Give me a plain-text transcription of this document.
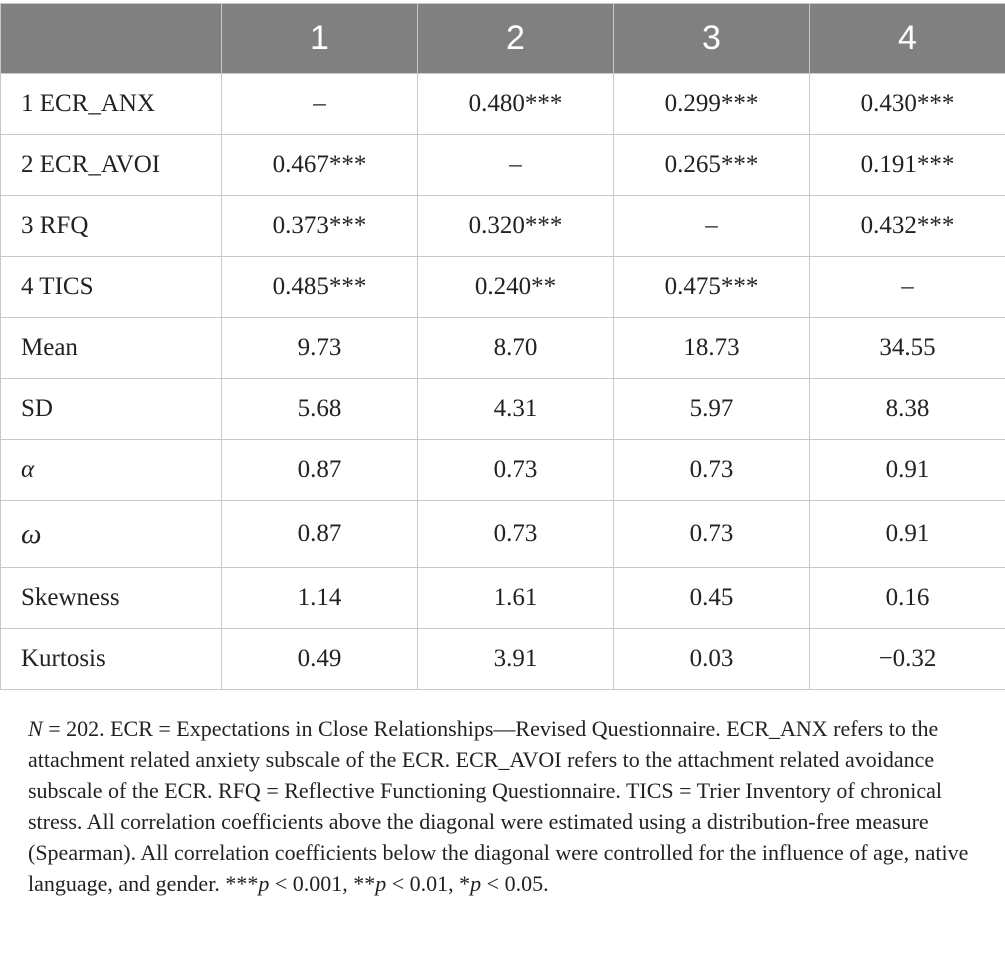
	1	2	3	4
1 ECR_ANX	–	0.480***	0.299***	0.430***
2 ECR_AVOI	0.467***	–	0.265***	0.191***
3 RFQ	0.373***	0.320***	–	0.432***
4 TICS	0.485***	0.240**	0.475***	–
Mean	9.73	8.70	18.73	34.55
SD	5.68	4.31	5.97	8.38
α	0.87	0.73	0.73	0.91
ω	0.87	0.73	0.73	0.91
Skewness	1.14	1.61	0.45	0.16
Kurtosis	0.49	3.91	0.03	−0.32

N = 202. ECR = Expectations in Close Relationships—Revised Questionnaire. ECR_ANX refers to the attachment related anxiety subscale of the ECR. ECR_AVOI refers to the attachment related avoidance subscale of the ECR. RFQ = Reflective Functioning Questionnaire. TICS = Trier Inventory of chronical stress. All correlation coefficients above the diagonal were estimated using a distribution-free measure (Spearman). All correlation coefficients below the diagonal were controlled for the influence of age, native language, and gender. ***p < 0.001, **p < 0.01, *p < 0.05.
